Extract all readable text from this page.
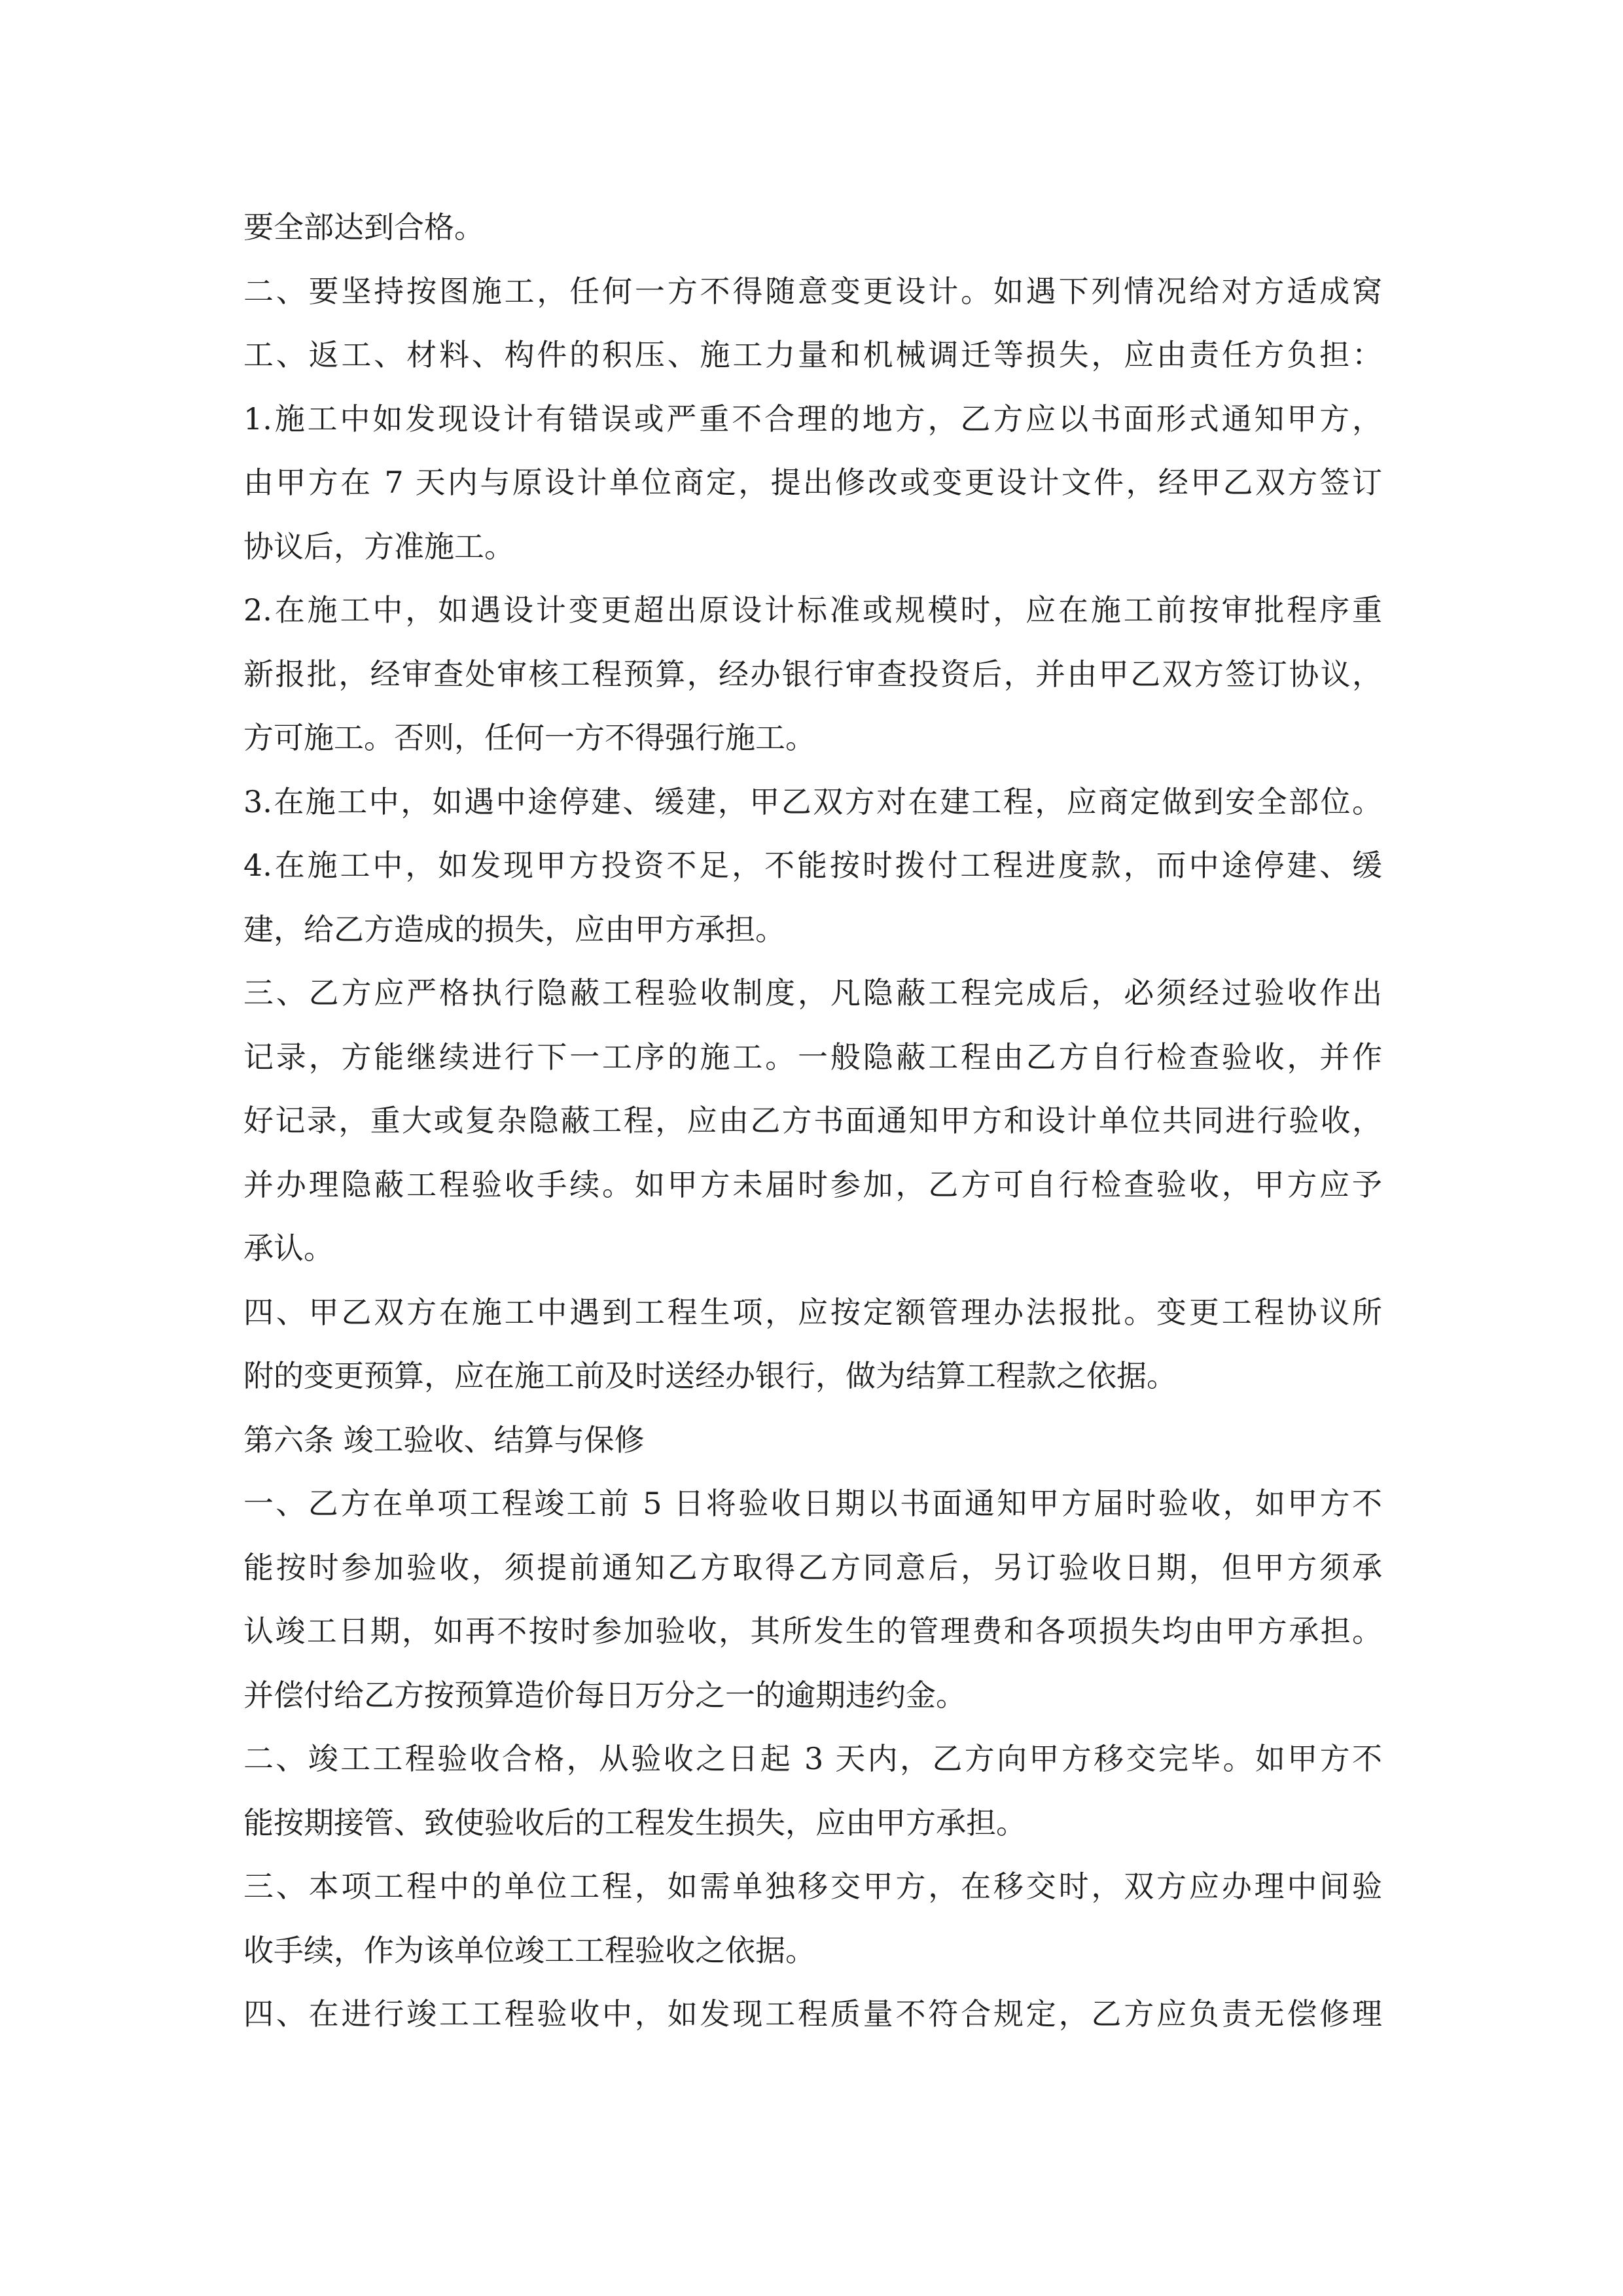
要全部达到合格。
二、要坚持按图施工，任何一方不得随意变更设计。如遇下列情况给对方适成窝
工、返工、材料、构件的积压、施工力量和机械调迁等损失，应由责任方负担：
1.施工中如发现设计有错误或严重不合理的地方，乙方应以书面形式通知甲方，
由甲方在 7 天内与原设计单位商定，提出修改或变更设计文件，经甲乙双方签订
协议后，方准施工。
2.在施工中，如遇设计变更超出原设计标准或规模时，应在施工前按审批程序重
新报批，经审查处审核工程预算，经办银行审查投资后，并由甲乙双方签订协议，
方可施工。否则，任何一方不得强行施工。
3.在施工中，如遇中途停建、缓建，甲乙双方对在建工程，应商定做到安全部位。
4.在施工中，如发现甲方投资不足，不能按时拨付工程进度款，而中途停建、缓
建，给乙方造成的损失，应由甲方承担。
三、乙方应严格执行隐蔽工程验收制度，凡隐蔽工程完成后，必须经过验收作出
记录，方能继续进行下一工序的施工。一般隐蔽工程由乙方自行检查验收，并作
好记录，重大或复杂隐蔽工程，应由乙方书面通知甲方和设计单位共同进行验收，
并办理隐蔽工程验收手续。如甲方未届时参加，乙方可自行检查验收，甲方应予
承认。
四、甲乙双方在施工中遇到工程生项，应按定额管理办法报批。变更工程协议所
附的变更预算，应在施工前及时送经办银行，做为结算工程款之依据。
第六条 竣工验收、结算与保修
一、乙方在单项工程竣工前 5 日将验收日期以书面通知甲方届时验收，如甲方不
能按时参加验收，须提前通知乙方取得乙方同意后，另订验收日期，但甲方须承
认竣工日期，如再不按时参加验收，其所发生的管理费和各项损失均由甲方承担。
并偿付给乙方按预算造价每日万分之一的逾期违约金。
二、竣工工程验收合格，从验收之日起 3 天内，乙方向甲方移交完毕。如甲方不
能按期接管、致使验收后的工程发生损失，应由甲方承担。
三、本项工程中的单位工程，如需单独移交甲方，在移交时，双方应办理中间验
收手续，作为该单位竣工工程验收之依据。
四、在进行竣工工程验收中，如发现工程质量不符合规定，乙方应负责无偿修理
